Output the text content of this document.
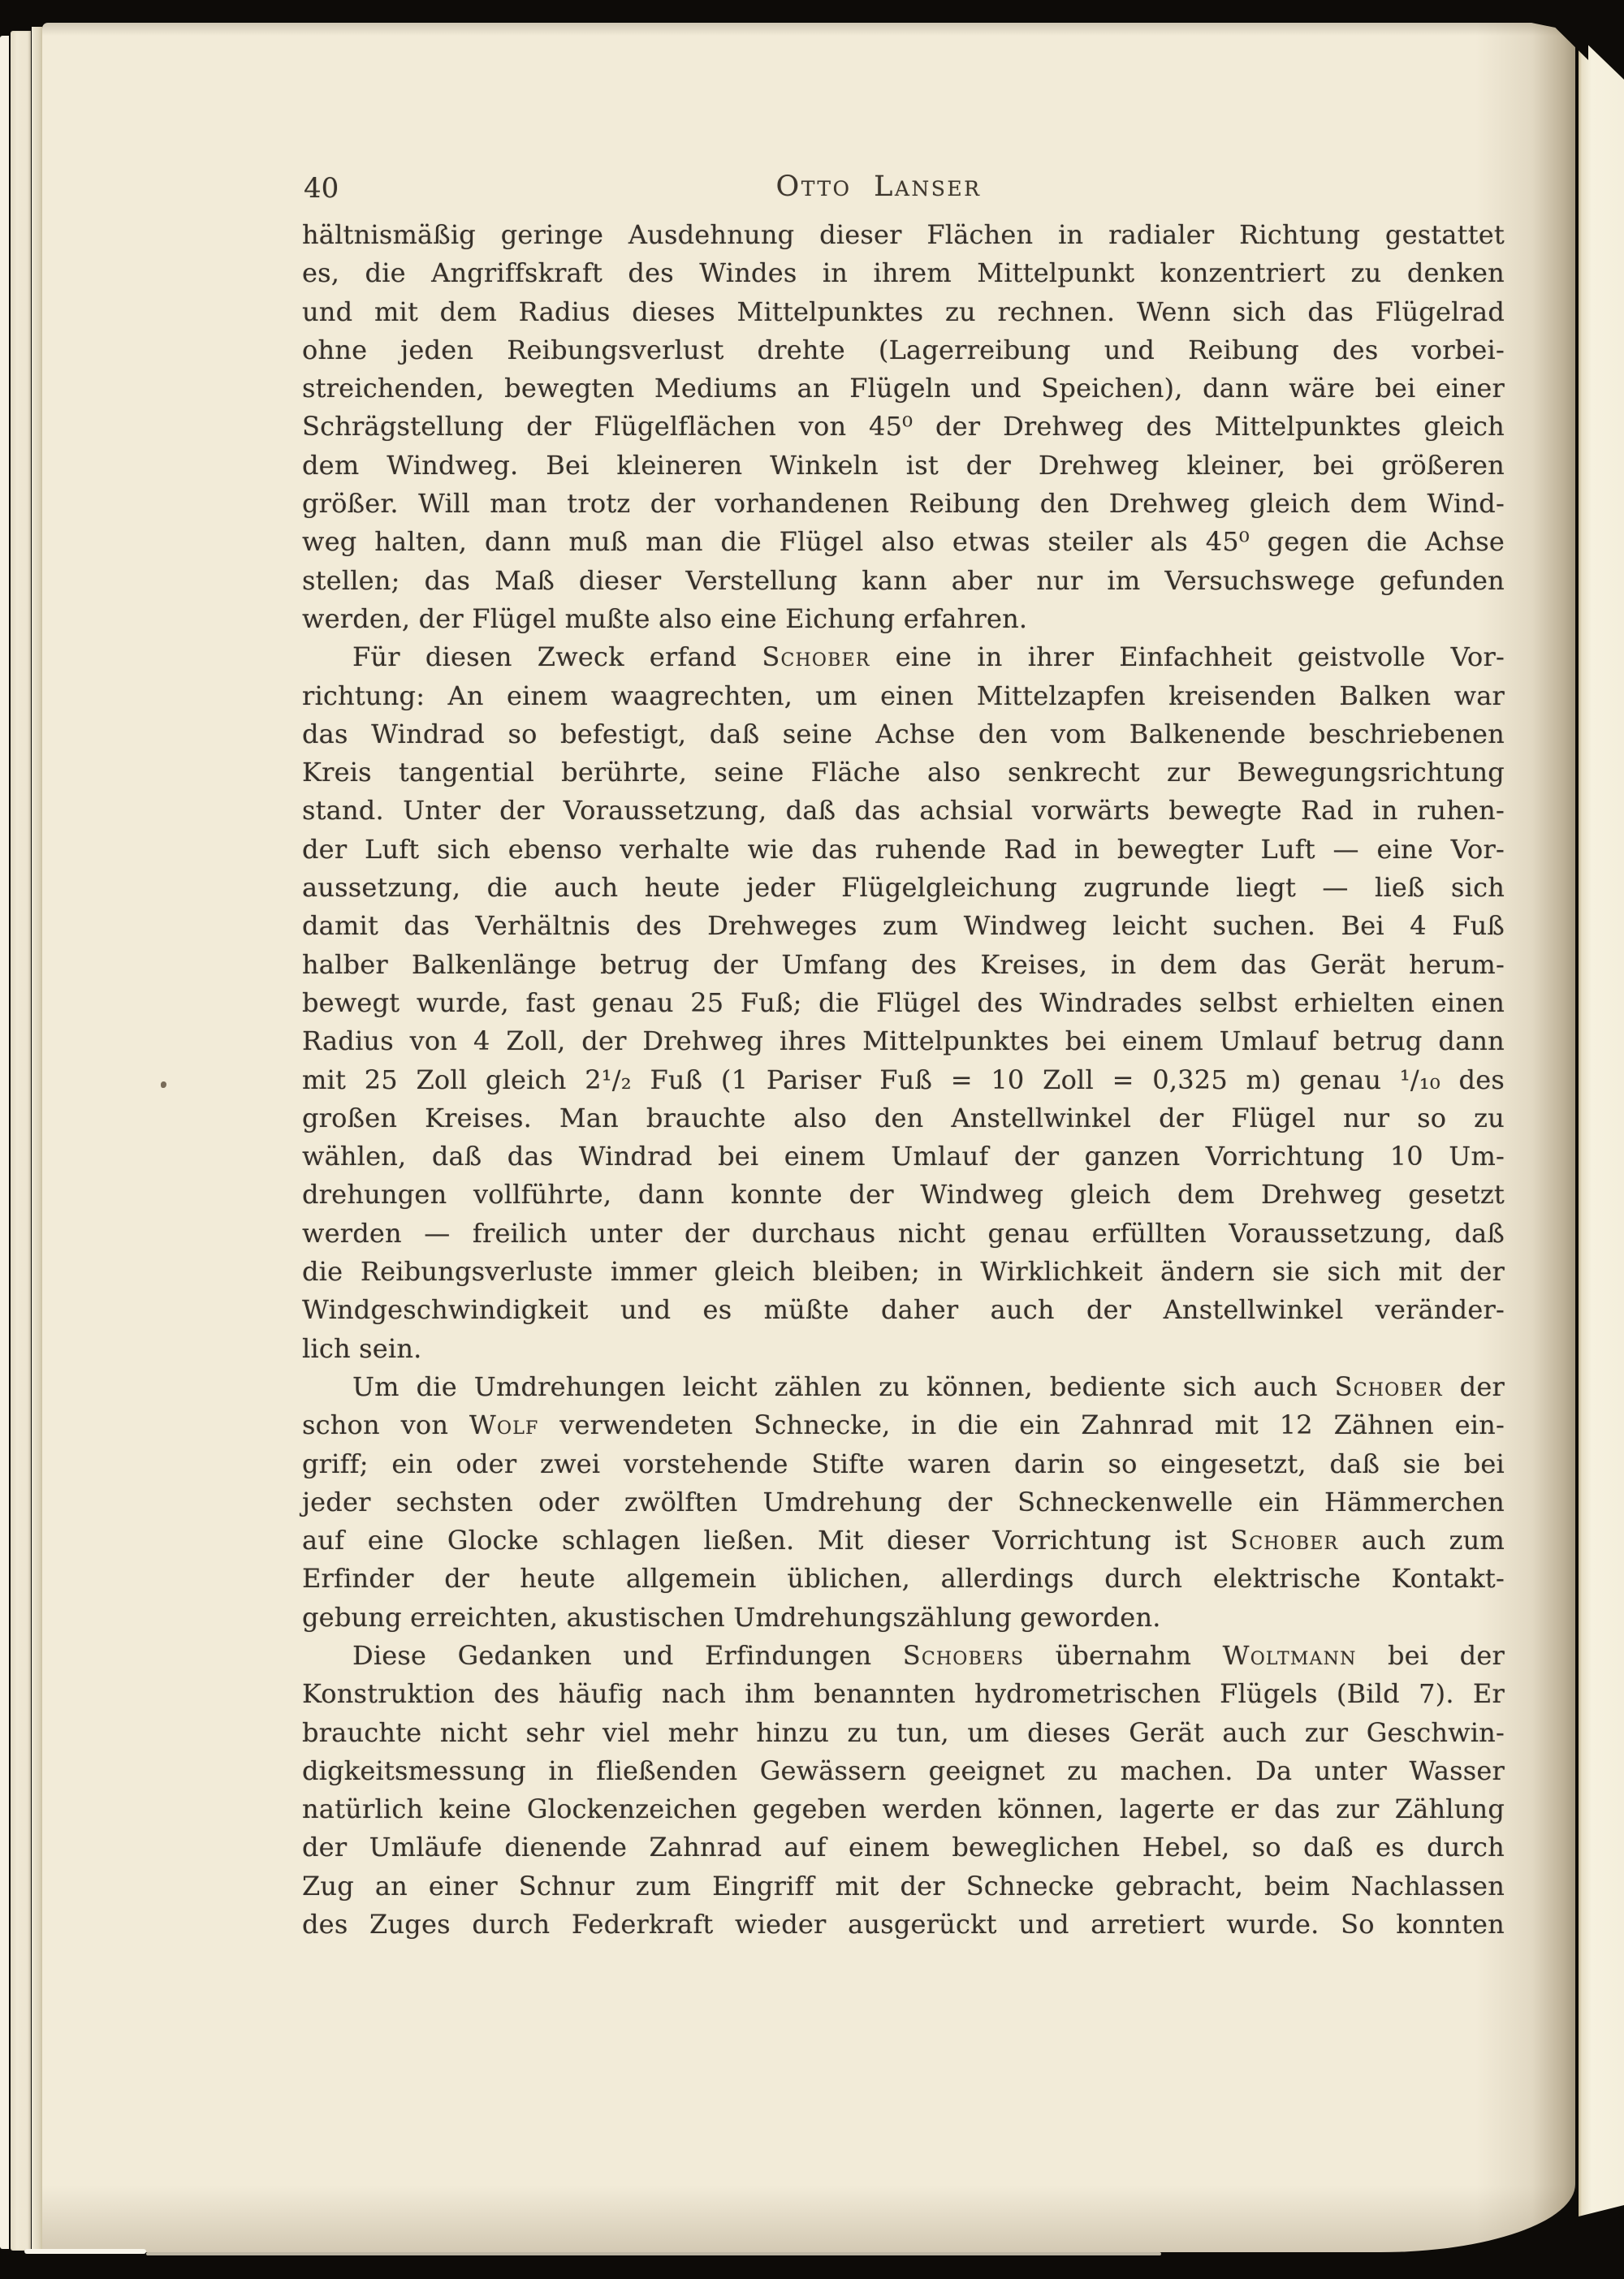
40	Otto Lanser
hältnismäßig geringe Ausdehnung dieser Flächen in radialer Richtung gestattet
es, die Angriffskraft des Windes in ihrem Mittelpunkt konzentriert zu denken
und mit dem Radius dieses Mittelpunktes zu rechnen. Wenn sich das Flügelrad
ohne jeden Reibungsverlust drehte (Lagerreibung und Reibung des vorbei-
streichenden, bewegten Mediums an Flügeln und Speichen), dann wäre bei einer
Schrägstellung der Flügelflächen von 45⁰ der Drehweg des Mittelpunktes gleich
dem Windweg. Bei kleineren Winkeln ist der Drehweg kleiner, bei größeren
größer. Will man trotz der vorhandenen Reibung den Drehweg gleich dem Wind-
weg halten, dann muß man die Flügel also etwas steiler als 45⁰ gegen die Achse
stellen; das Maß dieser Verstellung kann aber nur im Versuchswege gefunden
werden, der Flügel mußte also eine Eichung erfahren.
Für diesen Zweck erfand Schober eine in ihrer Einfachheit geistvolle Vor-
richtung: An einem waagrechten, um einen Mittelzapfen kreisenden Balken war
das Windrad so befestigt, daß seine Achse den vom Balkenende beschriebenen
Kreis tangential berührte, seine Fläche also senkrecht zur Bewegungsrichtung
stand. Unter der Voraussetzung, daß das achsial vorwärts bewegte Rad in ruhen-
der Luft sich ebenso verhalte wie das ruhende Rad in bewegter Luft — eine Vor-
aussetzung, die auch heute jeder Flügelgleichung zugrunde liegt — ließ sich
damit das Verhältnis des Drehweges zum Windweg leicht suchen. Bei 4 Fuß
halber Balkenlänge betrug der Umfang des Kreises, in dem das Gerät herum-
bewegt wurde, fast genau 25 Fuß; die Flügel des Windrades selbst erhielten einen
Radius von 4 Zoll, der Drehweg ihres Mittelpunktes bei einem Umlauf betrug dann
mit 25 Zoll gleich 2¹/₂ Fuß (1 Pariser Fuß = 10 Zoll = 0,325 m) genau ¹/₁₀ des
großen Kreises. Man brauchte also den Anstellwinkel der Flügel nur so zu
wählen, daß das Windrad bei einem Umlauf der ganzen Vorrichtung 10 Um-
drehungen vollführte, dann konnte der Windweg gleich dem Drehweg gesetzt
werden — freilich unter der durchaus nicht genau erfüllten Voraussetzung, daß
die Reibungsverluste immer gleich bleiben; in Wirklichkeit ändern sie sich mit der
Windgeschwindigkeit und es müßte daher auch der Anstellwinkel veränder-
lich sein.
Um die Umdrehungen leicht zählen zu können, bediente sich auch Schober der
schon von Wolf verwendeten Schnecke, in die ein Zahnrad mit 12 Zähnen ein-
griff; ein oder zwei vorstehende Stifte waren darin so eingesetzt, daß sie bei
jeder sechsten oder zwölften Umdrehung der Schneckenwelle ein Hämmerchen
auf eine Glocke schlagen ließen. Mit dieser Vorrichtung ist Schober auch zum
Erfinder der heute allgemein üblichen, allerdings durch elektrische Kontakt-
gebung erreichten, akustischen Umdrehungszählung geworden.
Diese Gedanken und Erfindungen Schobers übernahm Woltmann bei der
Konstruktion des häufig nach ihm benannten hydrometrischen Flügels (Bild 7). Er
brauchte nicht sehr viel mehr hinzu zu tun, um dieses Gerät auch zur Geschwin-
digkeitsmessung in fließenden Gewässern geeignet zu machen. Da unter Wasser
natürlich keine Glockenzeichen gegeben werden können, lagerte er das zur Zählung
der Umläufe dienende Zahnrad auf einem beweglichen Hebel, so daß es durch
Zug an einer Schnur zum Eingriff mit der Schnecke gebracht, beim Nachlassen
des Zuges durch Federkraft wieder ausgerückt und arretiert wurde. So konnten
